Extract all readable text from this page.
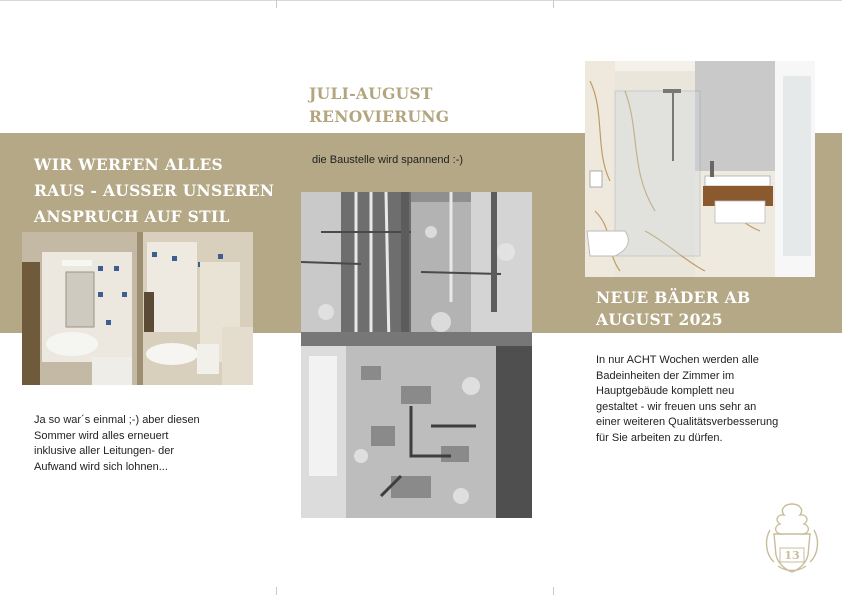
WIR WERFEN ALLES
RAUS - AUSSER UNSEREN
ANSPRUCH AUF STIL

Ja so war´s einmal ;-) aber diesen
Sommer wird alles erneuert
inklusive aller Leitungen- der
Aufwand wird sich lohnen...

JULI-AUGUST
RENOVIERUNG

die Baustelle wird spannend :-)

NEUE BÄDER AB
AUGUST 2025

In nur ACHT Wochen werden alle
Badeinheiten der Zimmer im
Hauptgebäude komplett neu
gestaltet - wir freuen uns sehr an
einer weiteren Qualitätsverbesserung
für Sie arbeiten zu dürfen.

13
